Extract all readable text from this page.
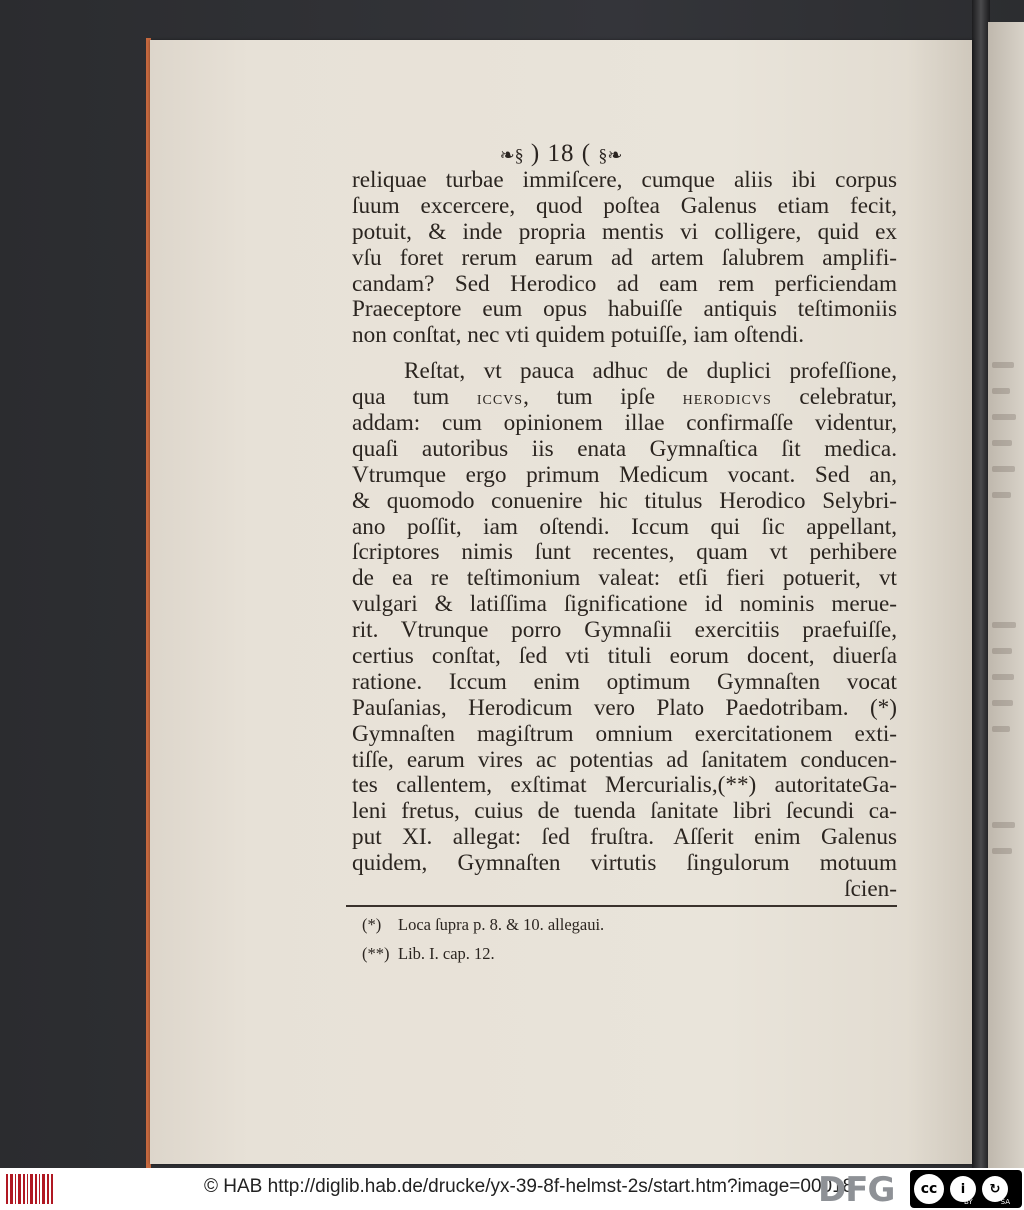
❧§ ) 18 ( §❧
reliquae turbae immiſcere, cumque aliis ibi corpus
ſuum excercere, quod poſtea Galenus etiam fecit,
potuit, & inde propria mentis vi colligere, quid ex
vſu foret rerum earum ad artem ſalubrem amplifi-
candam? Sed Herodico ad eam rem perficiendam
Praeceptore eum opus habuiſſe antiquis teſtimoniis
non conſtat, nec vti quidem potuiſſe, iam oſtendi.
Reſtat, vt pauca adhuc de duplici profeſſione,
qua tum iccvs, tum ipſe herodicvs celebratur,
addam: cum opinionem illae confirmaſſe videntur,
quaſi autoribus iis enata Gymnaſtica ſit medica.
Vtrumque ergo primum Medicum vocant. Sed an,
& quomodo conuenire hic titulus Herodico Selybri-
ano poſſit, iam oſtendi. Iccum qui ſic appellant,
ſcriptores nimis ſunt recentes, quam vt perhibere
de ea re teſtimonium valeat: etſi fieri potuerit, vt
vulgari & latiſſima ſignificatione id nominis merue-
rit. Vtrunque porro Gymnaſii exercitiis praefuiſſe,
certius conſtat, ſed vti tituli eorum docent, diuerſa
ratione. Iccum enim optimum Gymnaſten vocat
Pauſanias, Herodicum vero Plato Paedotribam. (*)
Gymnaſten magiſtrum omnium exercitationem exti-
tiſſe, earum vires ac potentias ad ſanitatem conducen-
tes callentem, exſtimat Mercurialis,(**) autoritateGa-
leni fretus, cuius de tuenda ſanitate libri ſecundi ca-
put XI. allegat: ſed fruſtra. Aſſerit enim Galenus
quidem, Gymnaſten virtutis ſingulorum motuum
ſcien-
(*) Loca ſupra p. 8. & 10. allegaui.
(**) Lib. I. cap. 12.
© HAB http://diglib.hab.de/drucke/yx-39-8f-helmst-2s/start.htm?image=00018
DFG	cc	i	↻
BY	SA
